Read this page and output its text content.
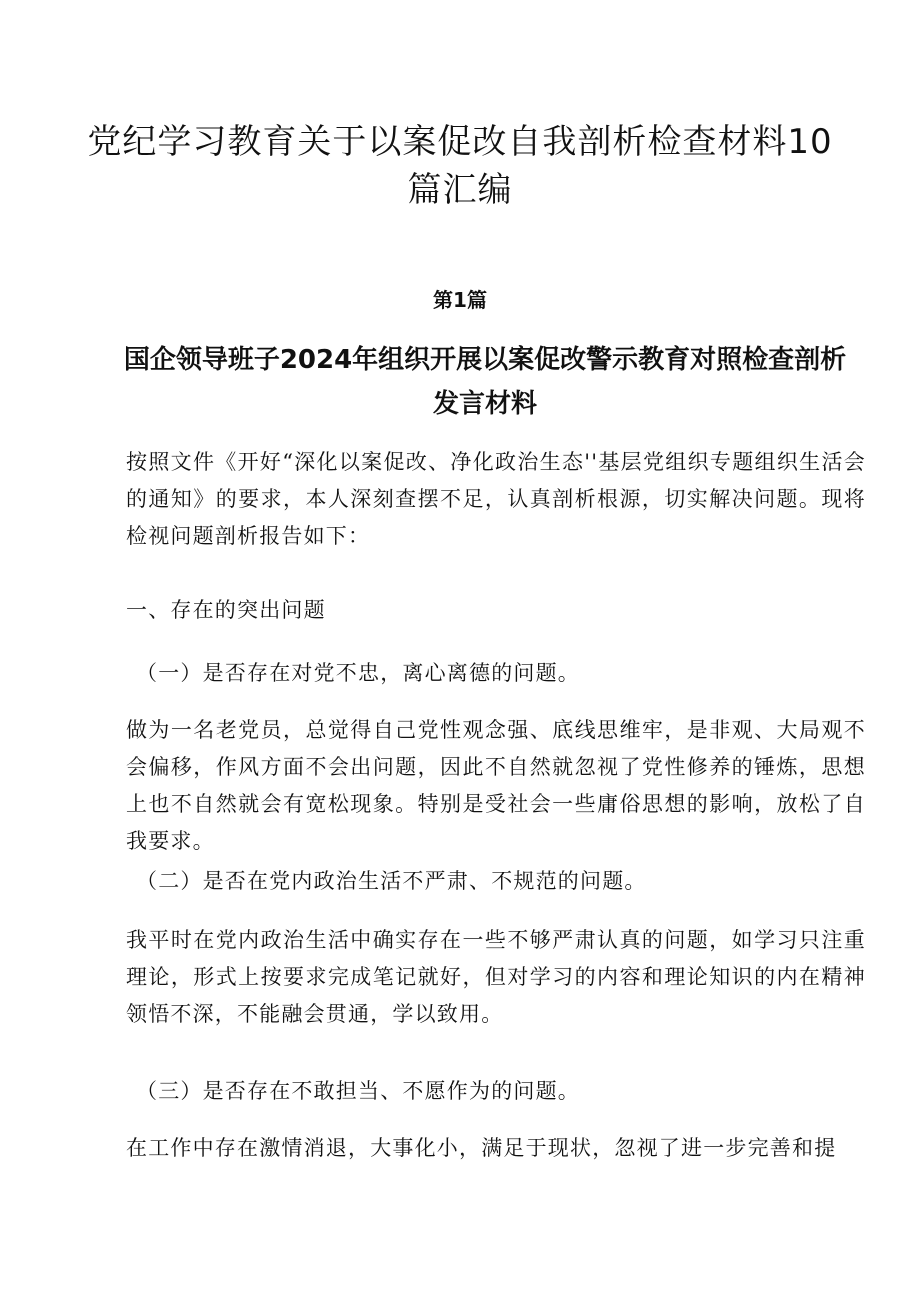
党纪学习教育关于以案促改自我剖析检查材料10篇汇编
第1篇
国企领导班子2024年组织开展以案促改警示教育对照检查剖析发言材料

按照文件《开好“深化以案促改、净化政治生态''基层党组织专题组织生活会的通知》的要求，本人深刻查摆不足，认真剖析根源，切实解决问题。现将检视问题剖析报告如下：

一、存在的突出问题

（一）是否存在对党不忠，离心离德的问题。

做为一名老党员，总觉得自己党性观念强、底线思维牢，是非观、大局观不会偏移，作风方面不会出问题，因此不自然就忽视了党性修养的锤炼，思想上也不自然就会有宽松现象。特别是受社会一些庸俗思想的影响，放松了自我要求。

（二）是否在党内政治生活不严肃、不规范的问题。

我平时在党内政治生活中确实存在一些不够严肃认真的问题，如学习只注重理论，形式上按要求完成笔记就好，但对学习的内容和理论知识的内在精神领悟不深，不能融会贯通，学以致用。

（三）是否存在不敢担当、不愿作为的问题。

在工作中存在激情消退，大事化小，满足于现状，忽视了进一步完善和提
